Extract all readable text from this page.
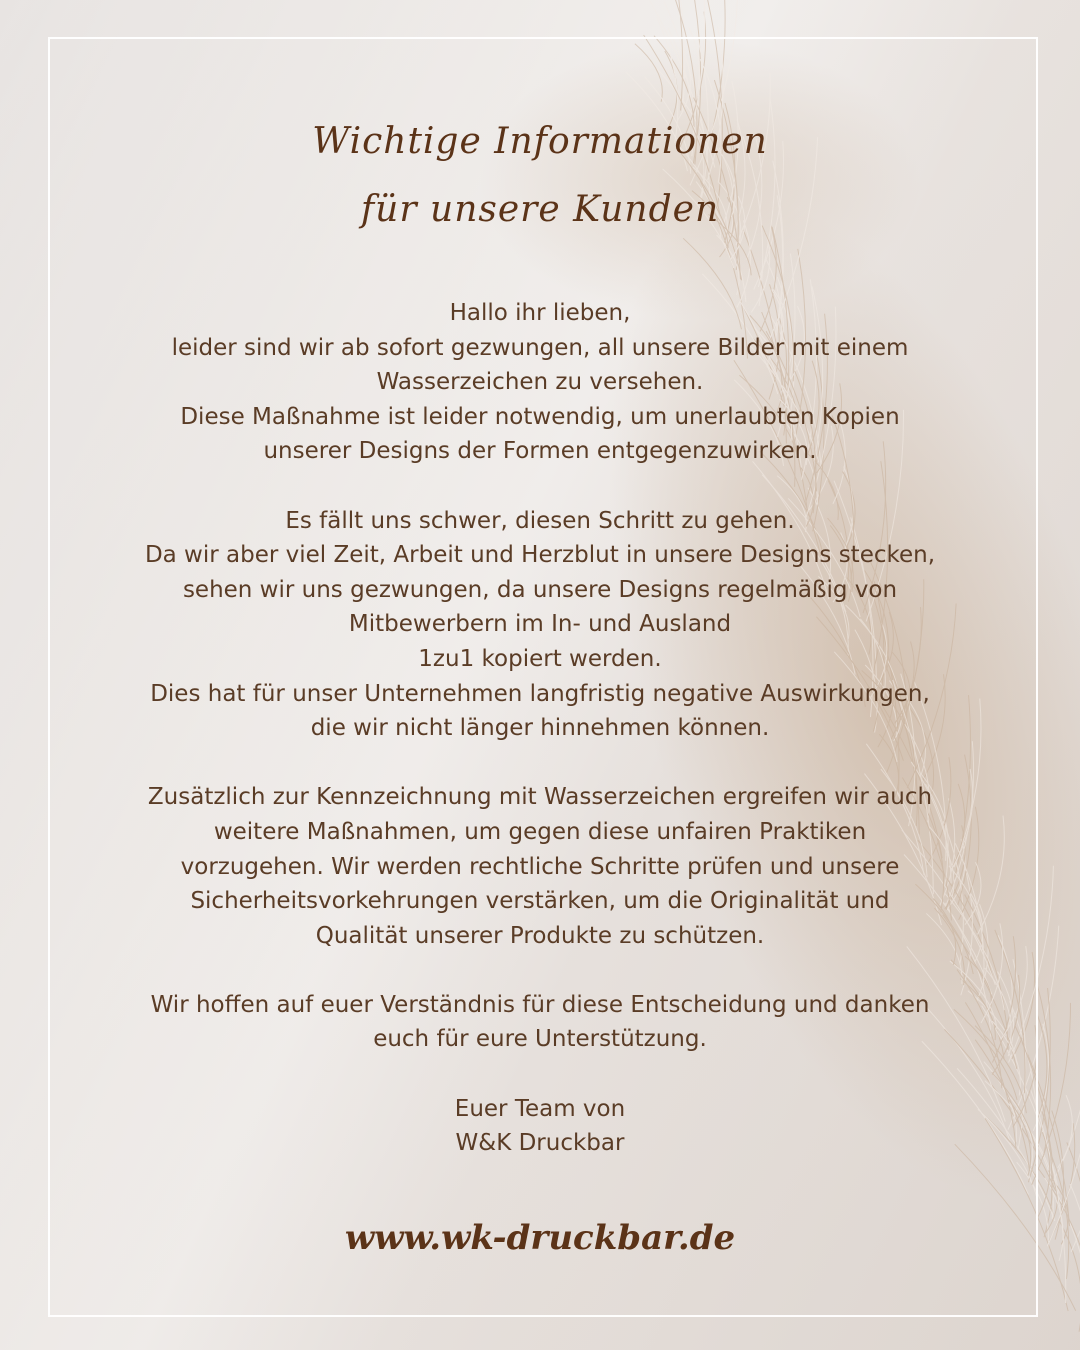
Wichtige Informationen
für unsere Kunden
Hallo ihr lieben,
leider sind wir ab sofort gezwungen, all unsere Bilder mit einem
Wasserzeichen zu versehen.
Diese Maßnahme ist leider notwendig, um unerlaubten Kopien
unserer Designs der Formen entgegenzuwirken.
Es fällt uns schwer, diesen Schritt zu gehen.
Da wir aber viel Zeit, Arbeit und Herzblut in unsere Designs stecken,
sehen wir uns gezwungen, da unsere Designs regelmäßig von
Mitbewerbern im In- und Ausland
1zu1 kopiert werden.
Dies hat für unser Unternehmen langfristig negative Auswirkungen,
die wir nicht länger hinnehmen können.
Zusätzlich zur Kennzeichnung mit Wasserzeichen ergreifen wir auch
weitere Maßnahmen, um gegen diese unfairen Praktiken
vorzugehen. Wir werden rechtliche Schritte prüfen und unsere
Sicherheitsvorkehrungen verstärken, um die Originalität und
Qualität unserer Produkte zu schützen.
Wir hoffen auf euer Verständnis für diese Entscheidung und danken
euch für eure Unterstützung.
Euer Team von
W&K Druckbar
www.wk-druckbar.de
